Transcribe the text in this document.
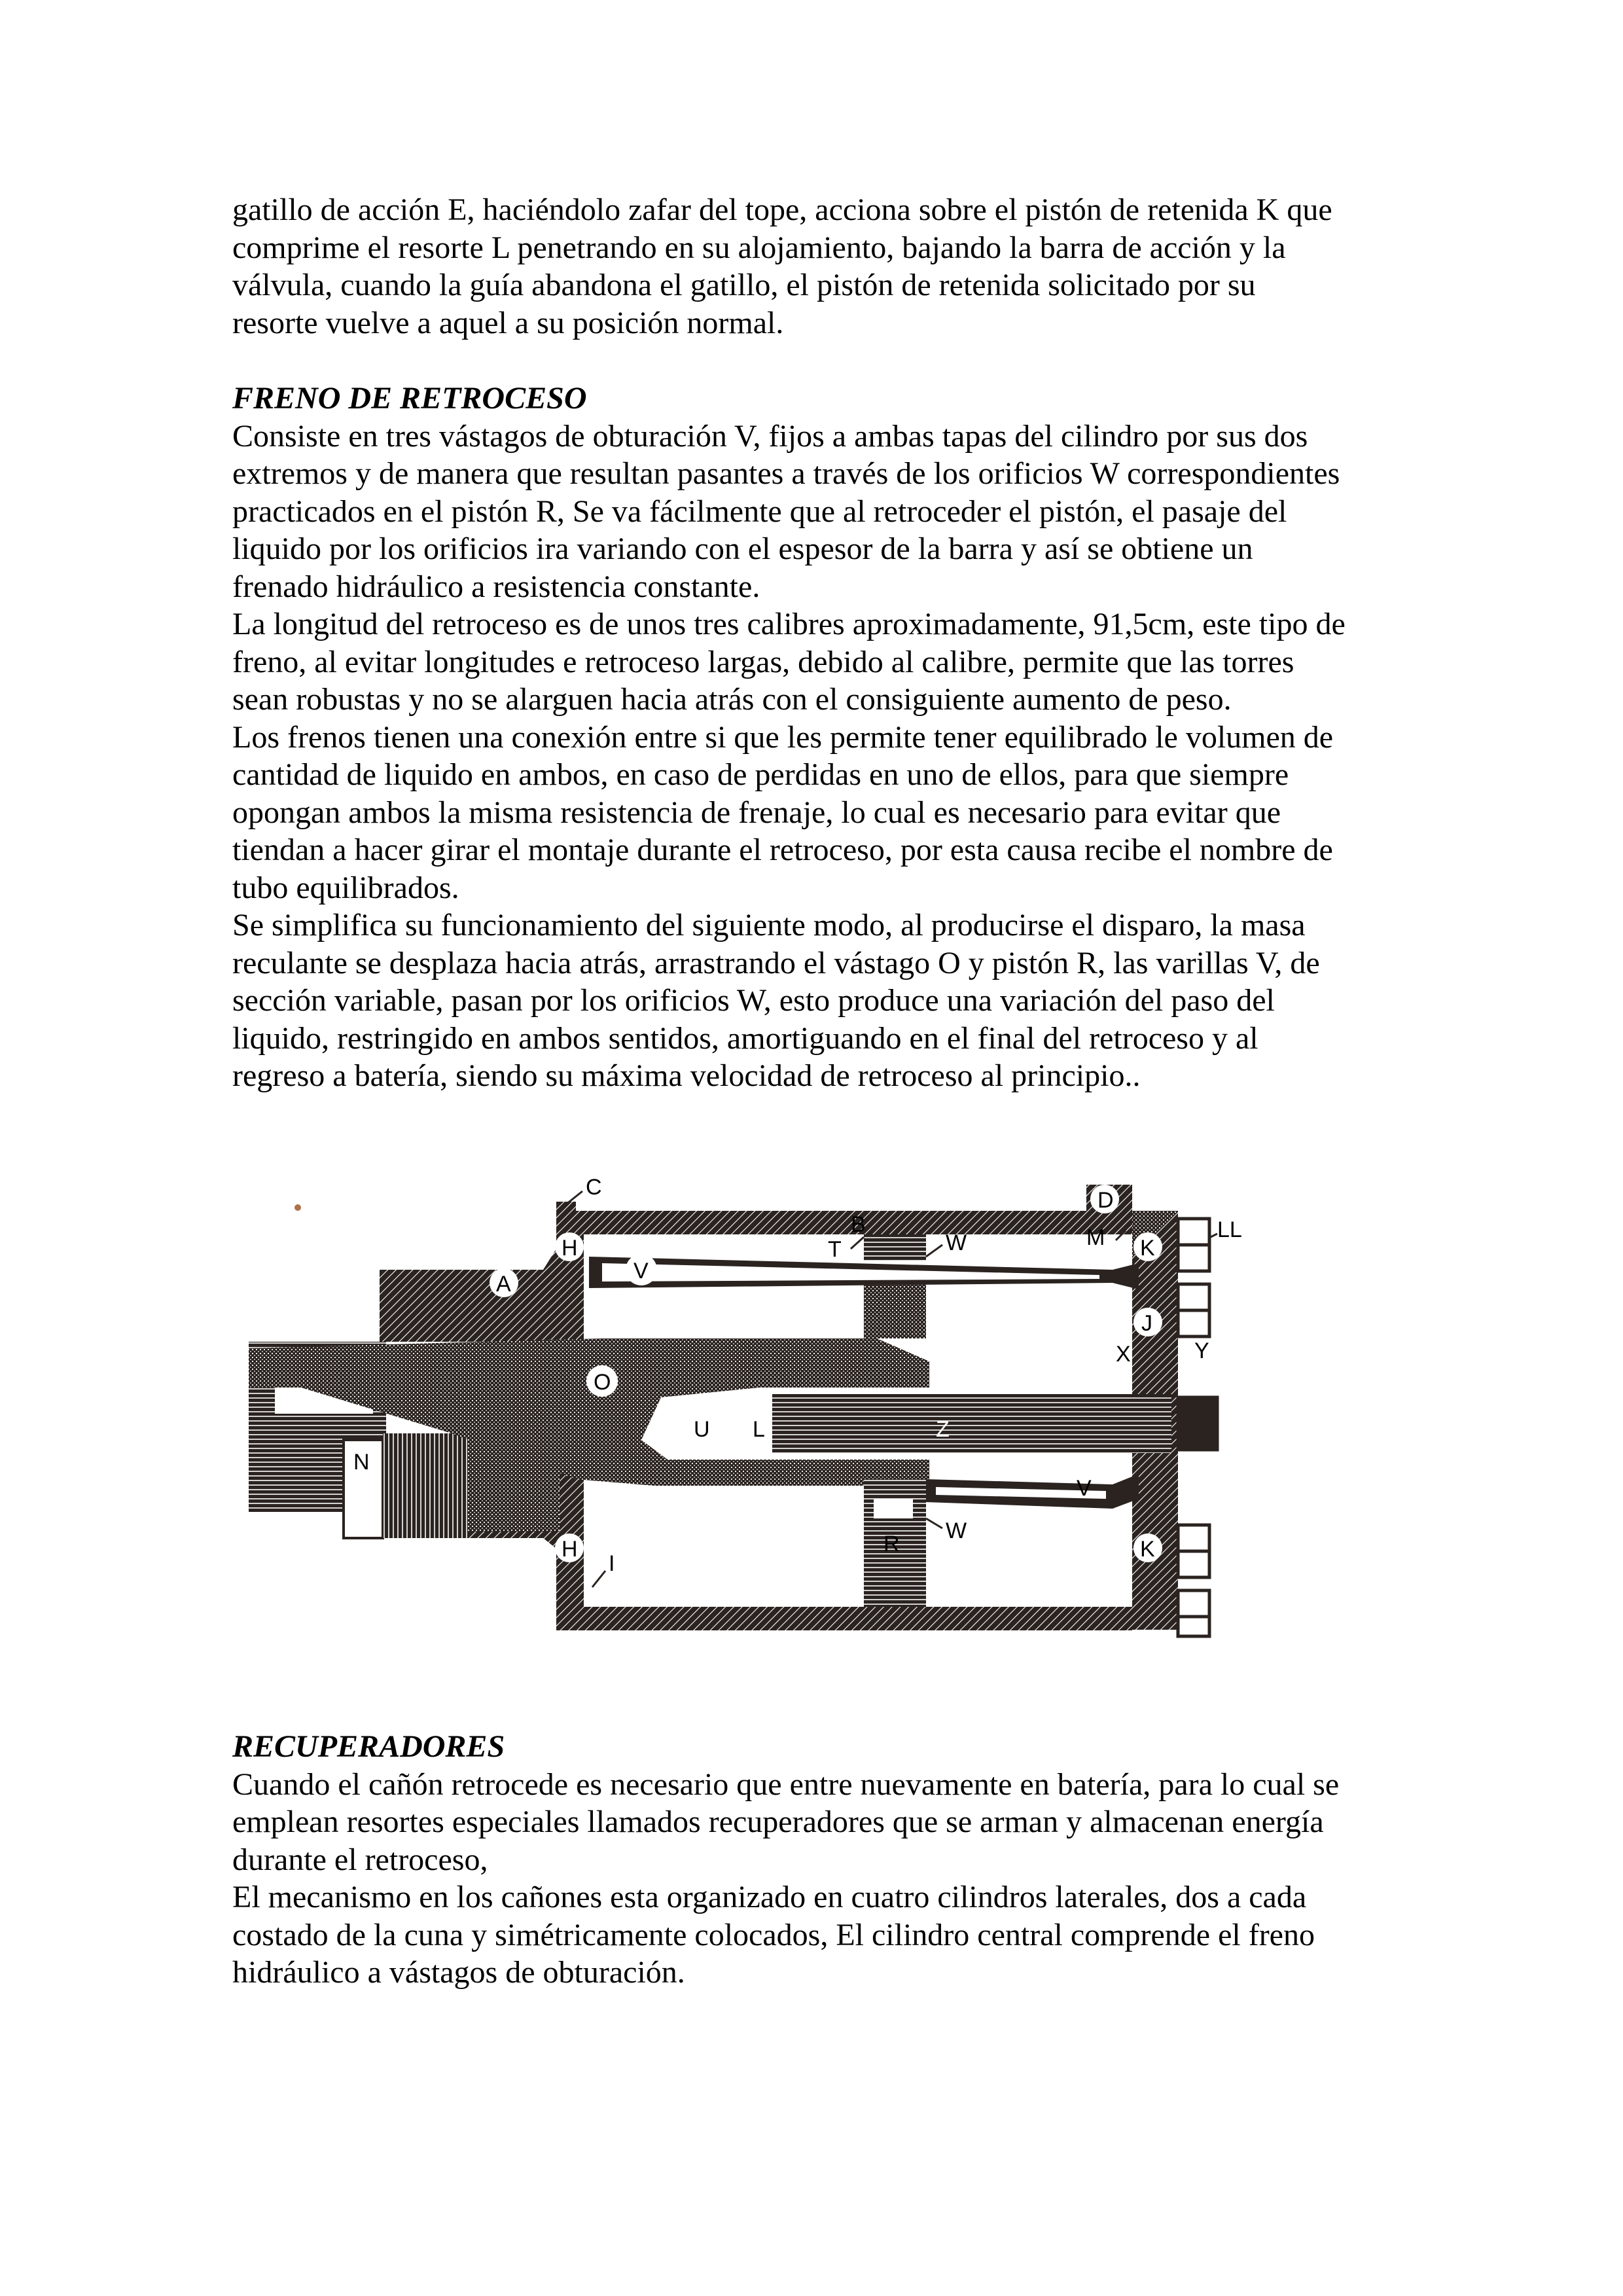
gatillo de acción E, haciéndolo zafar del tope, acciona sobre el pistón de retenida K que

comprime el resorte L penetrando en su alojamiento, bajando la barra de acción y la

válvula, cuando la guía abandona el gatillo, el pistón de retenida solicitado por su

resorte vuelve a aquel a su posición normal.

FRENO DE RETROCESO

Consiste en tres vástagos de obturación V, fijos a ambas tapas del cilindro por sus dos

extremos y de manera que resultan pasantes a través de los orificios W correspondientes

practicados en el pistón R, Se va fácilmente que al retroceder el pistón, el pasaje del

liquido por los orificios ira variando con el espesor de la barra y así se obtiene un

frenado hidráulico a resistencia constante.

La longitud del retroceso es de unos tres calibres aproximadamente, 91,5cm, este tipo de

freno, al evitar longitudes e retroceso largas, debido al calibre, permite que las torres

sean robustas y no se alarguen hacia atrás con el consiguiente aumento de peso.

Los frenos tienen una conexión entre si que les permite tener equilibrado le volumen de

cantidad de liquido en ambos, en caso de perdidas en uno de ellos, para que siempre

opongan ambos la misma resistencia de frenaje, lo cual es necesario para evitar que

tiendan a hacer girar el montaje durante el retroceso, por esta causa recibe el nombre de

tubo equilibrados.

Se simplifica su funcionamiento del siguiente modo, al producirse el disparo, la masa

reculante se desplaza hacia atrás, arrastrando el vástago O y pistón R, las varillas V, de

sección variable, pasan por los orificios W, esto produce una variación del paso del

liquido, restringido en ambos sentidos, amortiguando en el final del retroceso y al

regreso a batería, siendo su máxima velocidad de retroceso al principio..

C
D
B
T	W	M	LL
H	K
V
A
J
X	Y
O
U L	Z
N
V
W
H	K
R
I

RECUPERADORES

Cuando el cañón retrocede es necesario que entre nuevamente en batería, para lo cual se

emplean resortes especiales llamados recuperadores que se arman y almacenan energía

durante el retroceso,

El mecanismo en los cañones esta organizado en cuatro cilindros laterales, dos a cada

costado de la cuna y simétricamente colocados, El cilindro central comprende el freno

hidráulico a vástagos de obturación.
